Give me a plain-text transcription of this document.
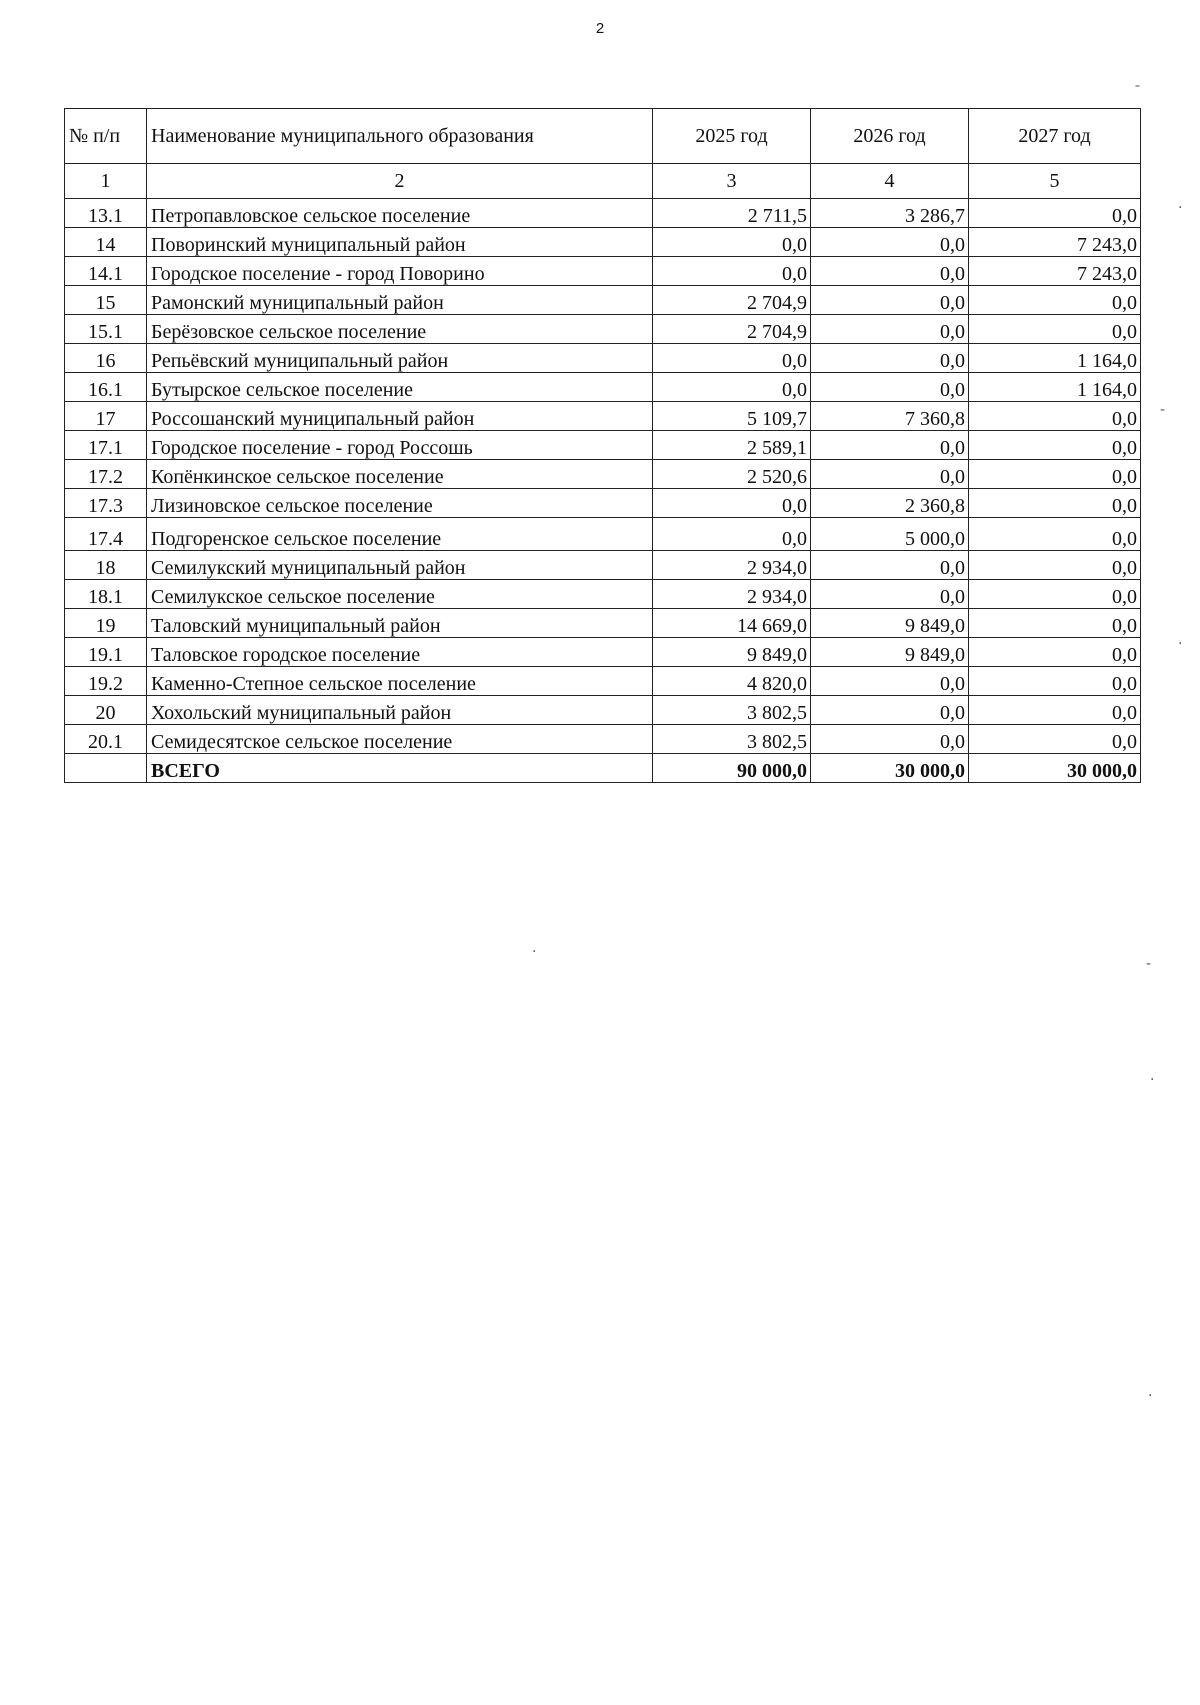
2
№ п/п	Наименование муниципального образования	2025 год	2026 год	2027 год
1	2	3	4	5
13.1	Петропавловское сельское поселение	2 711,5	3 286,7	0,0
14	Поворинский муниципальный район	0,0	0,0	7 243,0
14.1	Городское поселение - город Поворино	0,0	0,0	7 243,0
15	Рамонский муниципальный район	2 704,9	0,0	0,0
15.1	Берёзовское сельское поселение	2 704,9	0,0	0,0
16	Репьёвский муниципальный район	0,0	0,0	1 164,0
16.1	Бутырское сельское поселение	0,0	0,0	1 164,0
17	Россошанский муниципальный район	5 109,7	7 360,8	0,0
17.1	Городское поселение - город Россошь	2 589,1	0,0	0,0
17.2	Копёнкинское сельское поселение	2 520,6	0,0	0,0
17.3	Лизиновское сельское поселение	0,0	2 360,8	0,0
17.4	Подгоренское сельское поселение	0,0	5 000,0	0,0
18	Семилукский муниципальный район	2 934,0	0,0	0,0
18.1	Семилукское сельское поселение	2 934,0	0,0	0,0
19	Таловский муниципальный район	14 669,0	9 849,0	0,0
19.1	Таловское городское поселение	9 849,0	9 849,0	0,0
19.2	Каменно-Степное сельское поселение	4 820,0	0,0	0,0
20	Хохольский муниципальный район	3 802,5	0,0	0,0
20.1	Семидесятское сельское поселение	3 802,5	0,0	0,0
	ВСЕГО	90 000,0	30 000,0	30 000,0
ˉ
·
-
·
·
-
·
·
